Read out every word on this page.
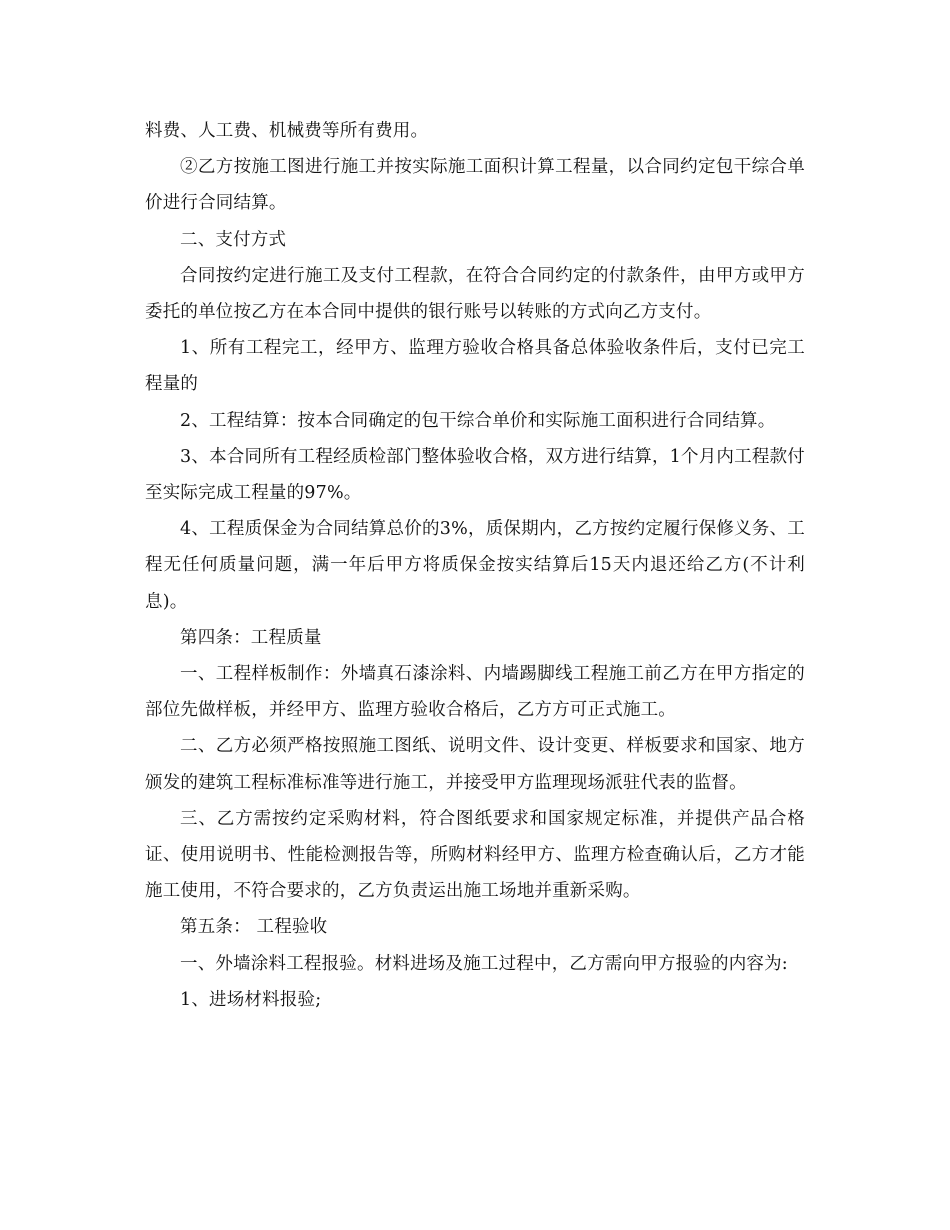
料费、人工费、机械费等所有费用。

②乙方按施工图进行施工并按实际施工面积计算工程量，以合同约定包干综合单价进行合同结算。

二、支付方式

合同按约定进行施工及支付工程款，在符合合同约定的付款条件，由甲方或甲方委托的单位按乙方在本合同中提供的银行账号以转账的方式向乙方支付。

1、所有工程完工，经甲方、监理方验收合格具备总体验收条件后，支付已完工程量的

2、工程结算：按本合同确定的包干综合单价和实际施工面积进行合同结算。

3、本合同所有工程经质检部门整体验收合格，双方进行结算，1个月内工程款付至实际完成工程量的97%。

4、工程质保金为合同结算总价的3%，质保期内，乙方按约定履行保修义务、工程无任何质量问题，满一年后甲方将质保金按实结算后15天内退还给乙方(不计利息)。

第四条：工程质量

一、工程样板制作：外墙真石漆涂料、内墙踢脚线工程施工前乙方在甲方指定的部位先做样板，并经甲方、监理方验收合格后，乙方方可正式施工。

二、乙方必须严格按照施工图纸、说明文件、设计变更、样板要求和国家、地方颁发的建筑工程标准标准等进行施工，并接受甲方监理现场派驻代表的监督。

三、乙方需按约定采购材料，符合图纸要求和国家规定标准，并提供产品合格证、使用说明书、性能检测报告等，所购材料经甲方、监理方检查确认后，乙方才能施工使用，不符合要求的，乙方负责运出施工场地并重新采购。

第五条： 工程验收

一、外墙涂料工程报验。材料进场及施工过程中，乙方需向甲方报验的内容为:

1、进场材料报验;
